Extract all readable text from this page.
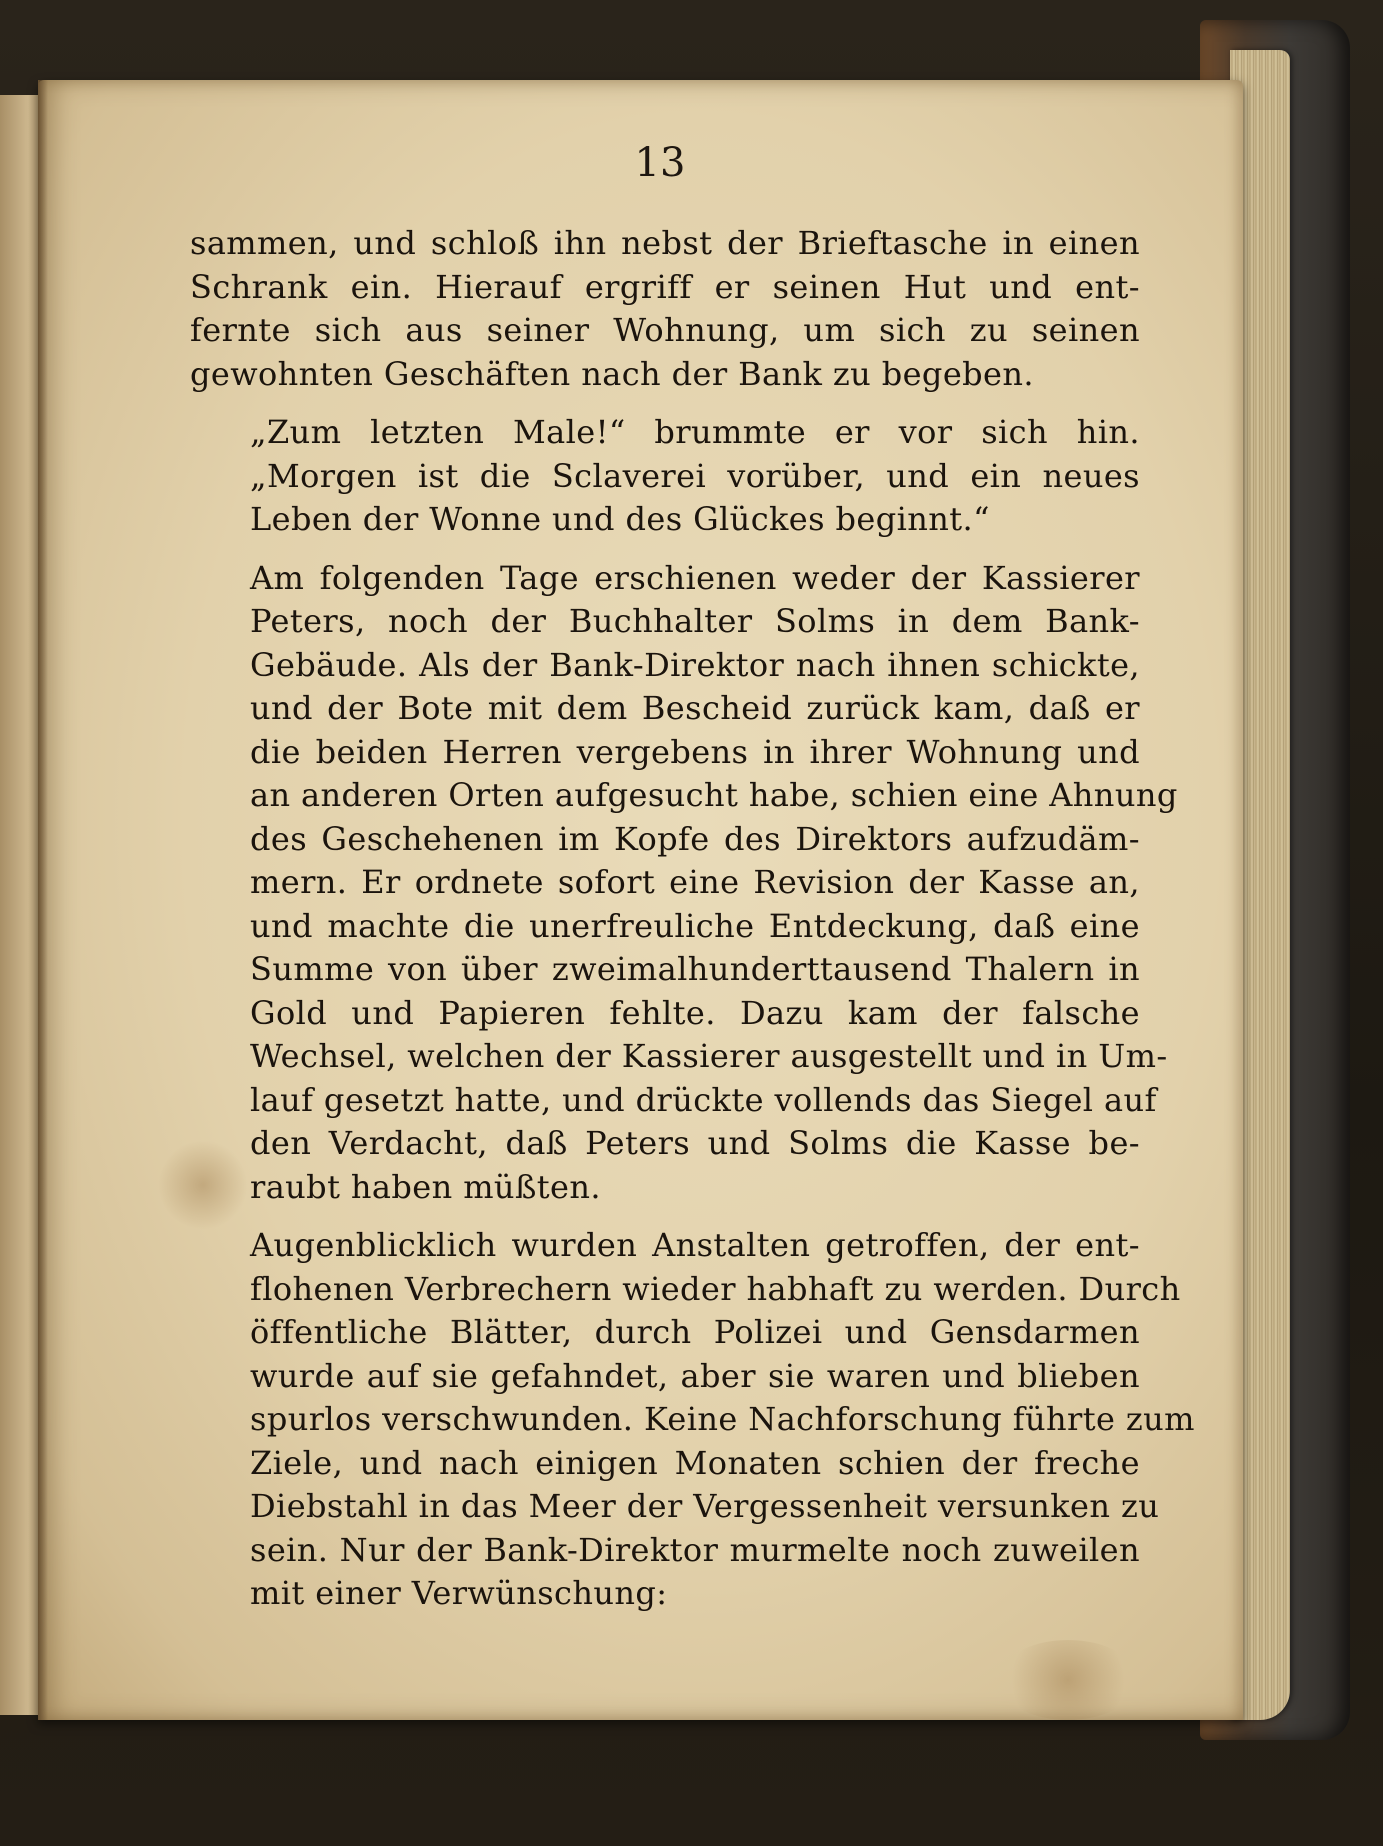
13

sammen, und schloß ihn nebst der Brieftasche in einen
Schrank ein. Hierauf ergriff er seinen Hut und ent-
fernte sich aus seiner Wohnung, um sich zu seinen
gewohnten Geschäften nach der Bank zu begeben.

„Zum letzten Male!“ brummte er vor sich hin.
„Morgen ist die Sclaverei vorüber, und ein neues
Leben der Wonne und des Glückes beginnt.“

Am folgenden Tage erschienen weder der Kassierer
Peters, noch der Buchhalter Solms in dem Bank-
Gebäude. Als der Bank-Direktor nach ihnen schickte,
und der Bote mit dem Bescheid zurück kam, daß er
die beiden Herren vergebens in ihrer Wohnung und
an anderen Orten aufgesucht habe, schien eine Ahnung
des Geschehenen im Kopfe des Direktors aufzudäm-
mern. Er ordnete sofort eine Revision der Kasse an,
und machte die unerfreuliche Entdeckung, daß eine
Summe von über zweimalhunderttausend Thalern in
Gold und Papieren fehlte. Dazu kam der falsche
Wechsel, welchen der Kassierer ausgestellt und in Um-
lauf gesetzt hatte, und drückte vollends das Siegel auf
den Verdacht, daß Peters und Solms die Kasse be-
raubt haben müßten.

Augenblicklich wurden Anstalten getroffen, der ent-
flohenen Verbrechern wieder habhaft zu werden. Durch
öffentliche Blätter, durch Polizei und Gensdarmen
wurde auf sie gefahndet, aber sie waren und blieben
spurlos verschwunden. Keine Nachforschung führte zum
Ziele, und nach einigen Monaten schien der freche
Diebstahl in das Meer der Vergessenheit versunken zu
sein. Nur der Bank-Direktor murmelte noch zuweilen
mit einer Verwünschung:
